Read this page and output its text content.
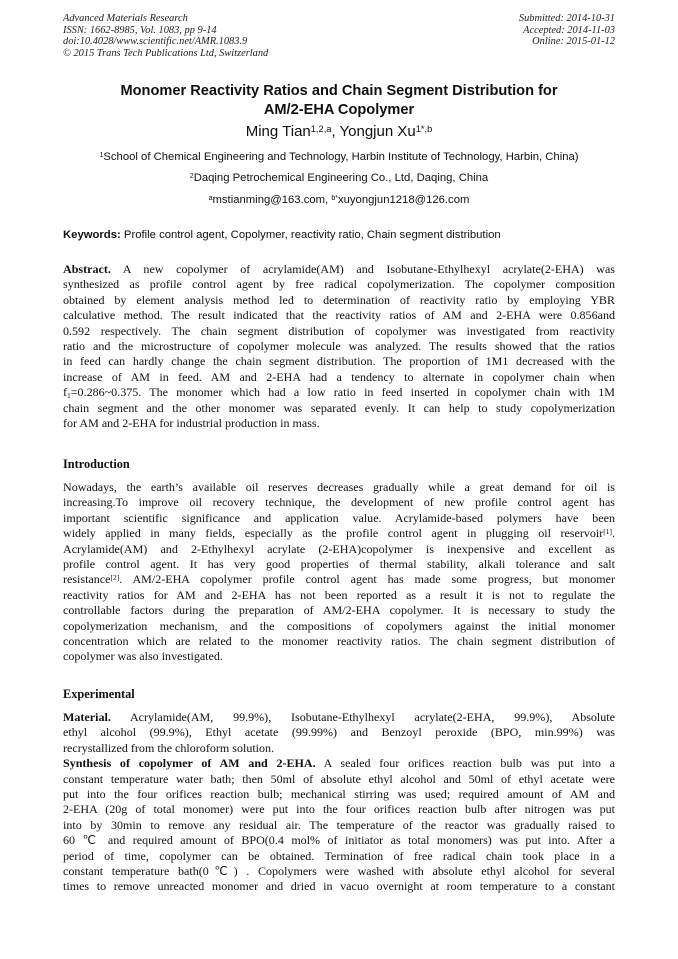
Advanced Materials Research
ISSN: 1662-8985, Vol. 1083, pp 9-14
doi:10.4028/www.scientific.net/AMR.1083.9
© 2015 Trans Tech Publications Ltd, Switzerland
Submitted: 2014-10-31
Accepted: 2014-11-03
Online: 2015-01-12
Monomer Reactivity Ratios and Chain Segment Distribution for
AM/2-EHA Copolymer
Ming Tian$^{1,2,a}$, Yongjun $Xu^{1*,b}$
$^1$School of Chemical Engineering and Technology, Harbin Institute of Technology, Harbin, China)
$^2$Daqing Petrochemical Engineering Co., Ltd, Daqing, China
$^a$mstianming@163.com, $^{b*}$xuyongjun1218@126.com
Keywords: Profile control agent, Copolymer, reactivity ratio, Chain segment distribution
Abstract. A new copolymer of acrylamide(AM) and Isobutane-Ethylhexyl acrylate(2-EHA) was
synthesized as profile control agent by free radical copolymerization. The copolymer composition
obtained by element analysis method led to determination of reactivity ratio by employing YBR
calculative method. The result indicated that the reactivity ratios of AM and 2-EHA were 0.856and
0.592 respectively. The chain segment distribution of copolymer was investigated from reactivity
ratio and the microstructure of copolymer molecule was analyzed. The results showed that the ratios
in feed can hardly change the chain segment distribution. The proportion of 1M1 decreased with the
increase of AM in feed. AM and 2-EHA had a tendency to alternate in copolymer chain when
$f_1=0.286\sim 0.375$. The monomer which had a low ratio in feed inserted in copolymer chain with 1M
chain segment and the other monomer was separated evenly. It can help to study copolymerization
for AM and 2-EHA for industrial production in mass.
Introduction
Nowadays, the earth’s available oil reserves decreases gradually while a great demand for oil is
increasing.To improve oil recovery technique, the development of new profile control agent has
important scientific significance and application value. Acrylamide-based polymers have been
widely applied in many fields, especially as the profile control agent in plugging oil reservoir[1].
Acrylamide(AM) and 2-Ethylhexyl acrylate (2-EHA)copolymer is inexpensive and excellent as
profile control agent. It has very good properties of thermal stability, alkali tolerance and salt
resistance[2]. AM/2-EHA copolymer profile control agent has made some progress, but monomer
reactivity ratios for AM and 2-EHA has not been reported as a result it is not to regulate the
controllable factors during the preparation of AM/2-EHA copolymer. It is necessary to study the
copolymerization mechanism, and the compositions of copolymers against the initial monomer
concentration which are related to the monomer reactivity ratios. The chain segment distribution of
copolymer was also investigated.
Experimental
Material. Acrylamide(AM, 99.9%), Isobutane-Ethylhexyl acrylate(2-EHA, 99.9%), Absolute
ethyl alcohol (99.9%), Ethyl acetate (99.99%) and Benzoyl peroxide (BPO, min.99%) was
recrystallized from the chloroform solution.
Synthesis of copolymer of AM and 2-EHA. A sealed four orifices reaction bulb was put into a
constant temperature water bath; then 50ml of absolute ethyl alcohol and 50ml of ethyl acetate were
put into the four orifices reaction bulb; mechanical stirring was used; required amount of AM and
2-EHA (20g of total monomer) were put into the four orifices reaction bulb after nitrogen was put
into by 30min to remove any residual air. The temperature of the reactor was gradually raised to
60 ℃ and required amount of BPO(0.4 mol% of initiator as total monomers) was put into. After a
period of time, copolymer can be obtained. Termination of free radical chain took place in a
constant temperature bath(0℃) . Copolymers were washed with absolute ethyl alcohol for several
times to remove unreacted monomer and dried in vacuo overnight at room temperature to a constant
